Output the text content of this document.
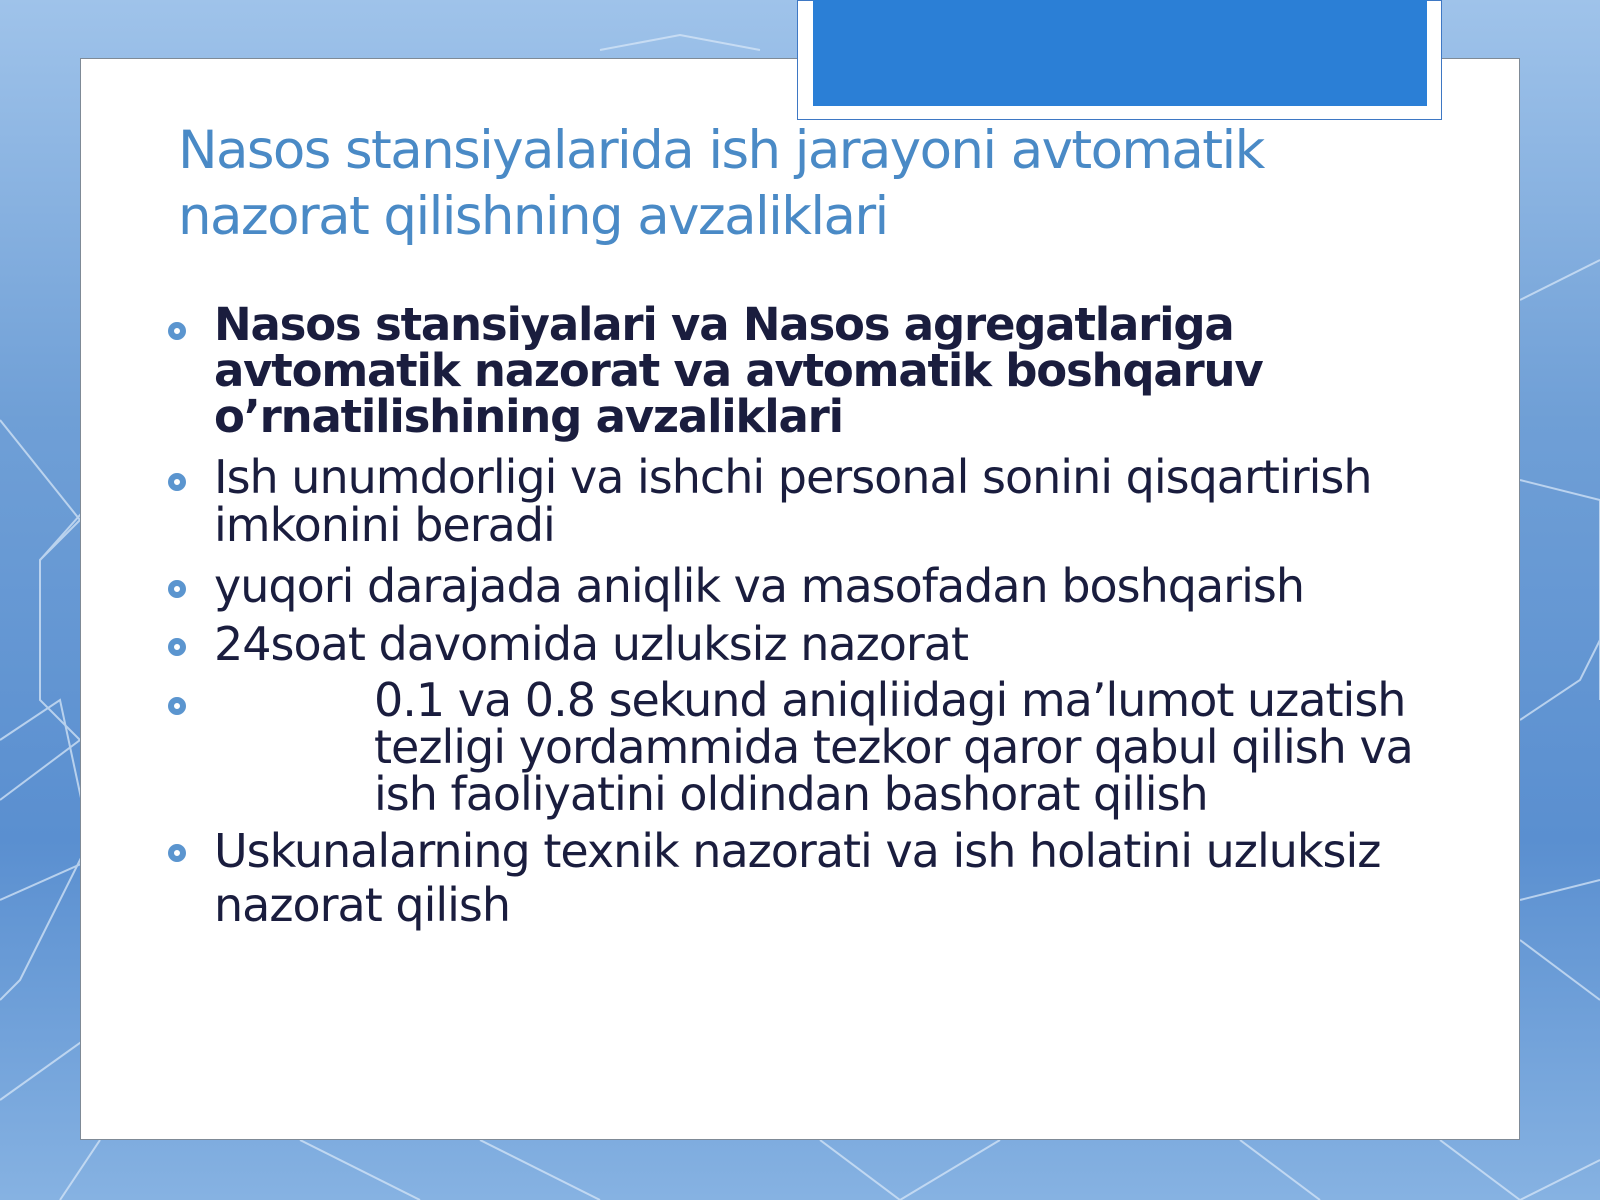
Nasos stansiyalarida ish jarayoni avtomatik nazorat qilishning avzaliklari
Nasos stansiyalari va Nasos agregatlariga avtomatik nazorat va avtomatik boshqaruv o’rnatilishining avzaliklari
Ish unumdorligi va ishchi personal sonini qisqartirish imkonini beradi
yuqori darajada aniqlik va masofadan boshqarish
24soat davomida uzluksiz nazorat
0.1 va 0.8 sekund aniqliidagi ma’lumot uzatish tezligi yordammida tezkor qaror qabul qilish va ish faoliyatini oldindan bashorat qilish
Uskunalarning texnik nazorati va ish holatini uzluksiz nazorat qilish
